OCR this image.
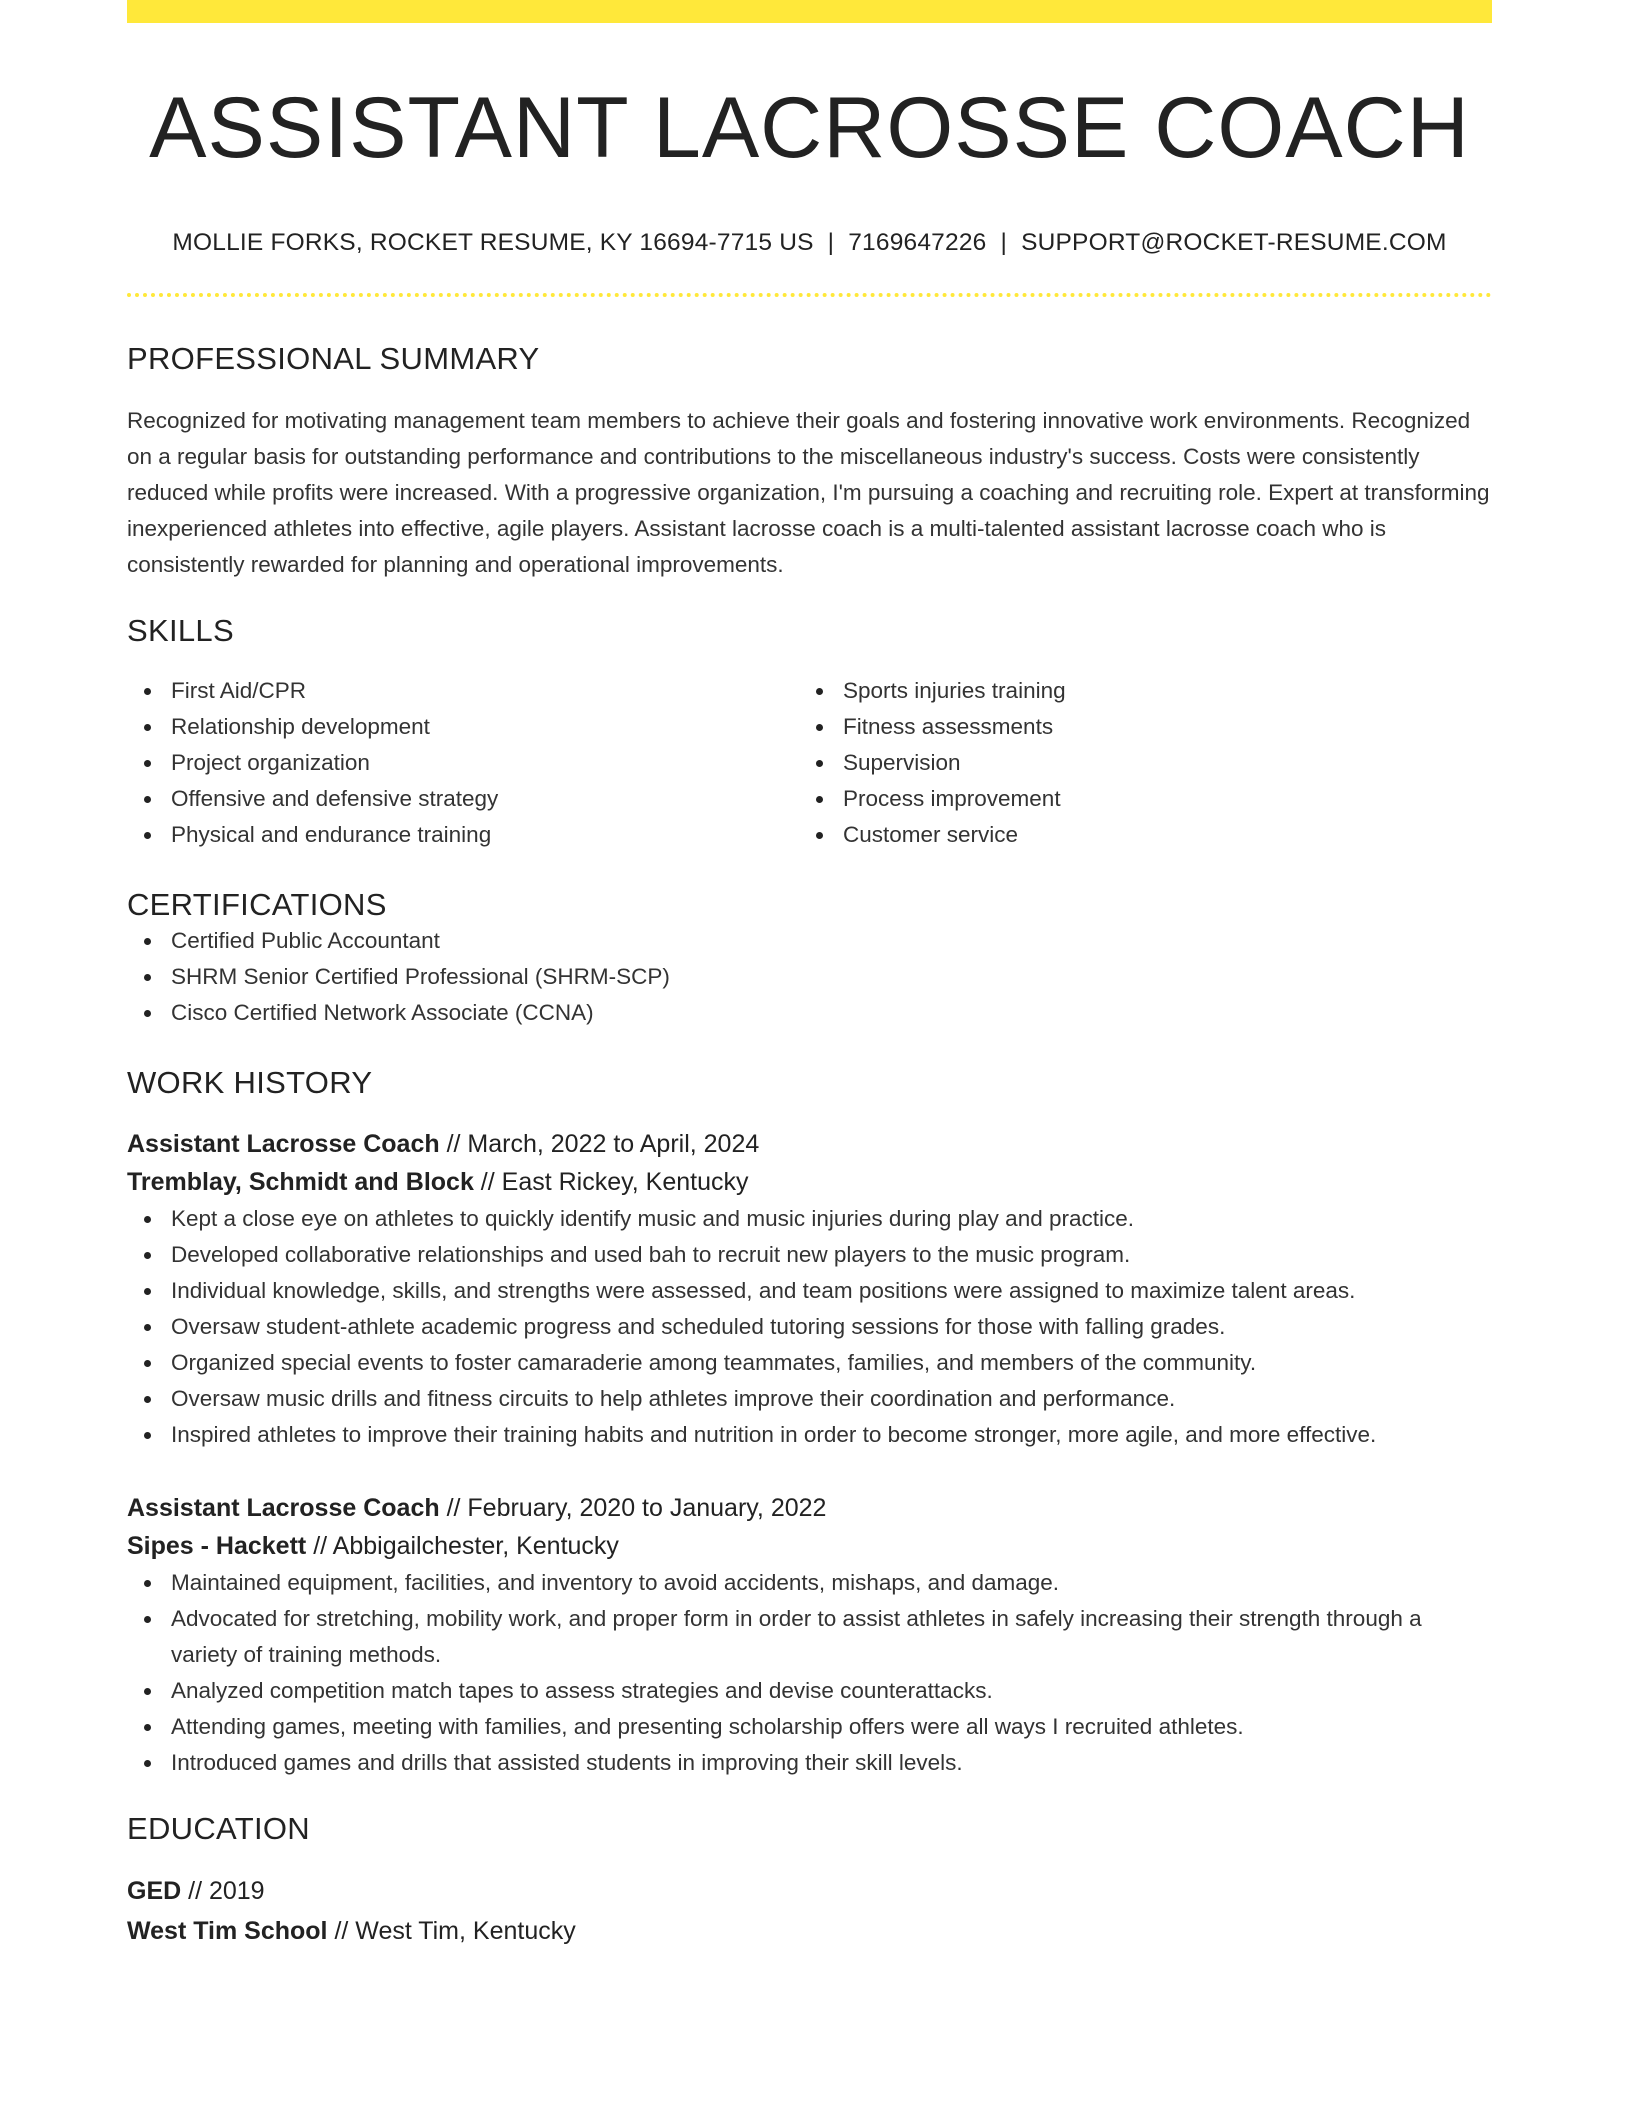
ASSISTANT LACROSSE COACH
MOLLIE FORKS, ROCKET RESUME, KY 16694-7715 US | 7169647226 | SUPPORT@ROCKET-RESUME.COM
PROFESSIONAL SUMMARY

Recognized for motivating management team members to achieve their goals and fostering innovative work environments. Recognized on a regular basis for outstanding performance and contributions to the miscellaneous industry's success. Costs were consistently reduced while profits were increased. With a progressive organization, I'm pursuing a coaching and recruiting role. Expert at transforming inexperienced athletes into effective, agile players. Assistant lacrosse coach is a multi-talented assistant lacrosse coach who is consistently rewarded for planning and operational improvements.

SKILLS
First Aid/CPR
Relationship development
Project organization
Offensive and defensive strategy
Physical and endurance training
Sports injuries training
Fitness assessments
Supervision
Process improvement
Customer service
CERTIFICATIONS
Certified Public Accountant
SHRM Senior Certified Professional (SHRM-SCP)
Cisco Certified Network Associate (CCNA)
WORK HISTORY
Assistant Lacrosse Coach // March, 2022 to April, 2024
Tremblay, Schmidt and Block // East Rickey, Kentucky
Kept a close eye on athletes to quickly identify music and music injuries during play and practice.
Developed collaborative relationships and used bah to recruit new players to the music program.
Individual knowledge, skills, and strengths were assessed, and team positions were assigned to maximize talent areas.
Oversaw student-athlete academic progress and scheduled tutoring sessions for those with falling grades.
Organized special events to foster camaraderie among teammates, families, and members of the community.
Oversaw music drills and fitness circuits to help athletes improve their coordination and performance.
Inspired athletes to improve their training habits and nutrition in order to become stronger, more agile, and more effective.
Assistant Lacrosse Coach // February, 2020 to January, 2022
Sipes - Hackett // Abbigailchester, Kentucky
Maintained equipment, facilities, and inventory to avoid accidents, mishaps, and damage.
Advocated for stretching, mobility work, and proper form in order to assist athletes in safely increasing their strength through a variety of training methods.
Analyzed competition match tapes to assess strategies and devise counterattacks.
Attending games, meeting with families, and presenting scholarship offers were all ways I recruited athletes.
Introduced games and drills that assisted students in improving their skill levels.
EDUCATION
GED // 2019
West Tim School // West Tim, Kentucky
